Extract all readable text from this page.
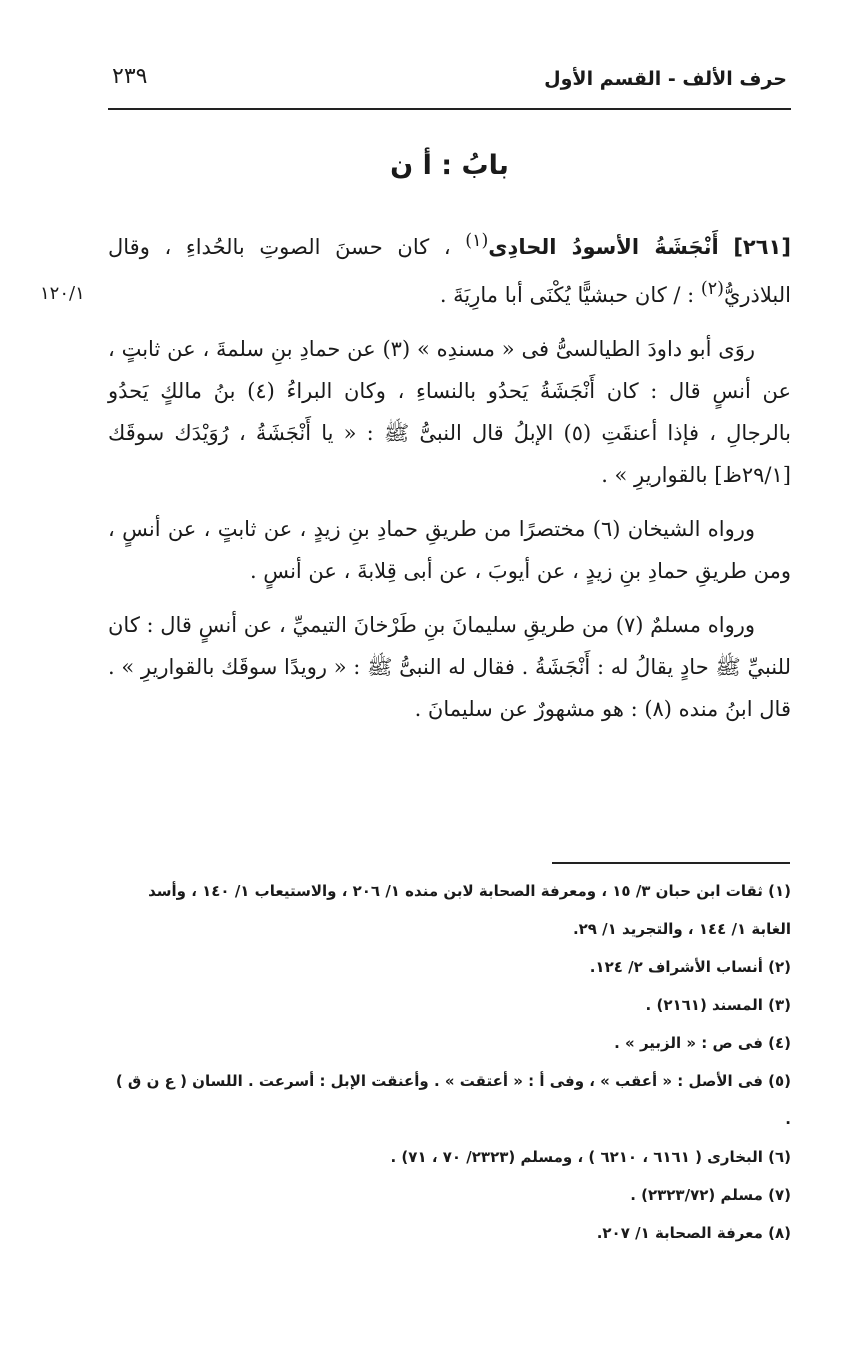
حرف الألف - القسم الأول
٢٣٩
بابُ : أ ن
١٢٠/١

[٢٦١] أَنْجَشَةُ الأسودُ الحادِى$^{(١)}$ ، كان حسنَ الصوتِ بالحُداءِ ، وقال البلاذريُّ$^{(٢)}$ : / كان حبشيًّا يُكْنَى أبا مارِيَةَ .

روَى أبو داودَ الطيالسىُّ فى « مسندِه » (٣) عن حمادِ بنِ سلمةَ ، عن ثابتٍ ، عن أنسٍ قال : كان أَنْجَشَةُ يَحدُو بالنساءِ ، وكان البراءُ (٤) بنُ مالكٍ يَحدُو بالرجالِ ، فإذا أعنقَتِ (٥) الإبلُ قال النبىُّ ﷺ : « يا أَنْجَشَةُ ، رُوَيْدَك سوقَك [٢٩/١ظ] بالقواريرِ » .

ورواه الشيخان (٦) مختصرًا من طريقِ حمادِ بنِ زيدٍ ، عن ثابتٍ ، عن أنسٍ ، ومن طريقِ حمادِ بنِ زيدٍ ، عن أيوبَ ، عن أبى قِلابةَ ، عن أنسٍ .

ورواه مسلمٌ (٧) من طريقِ سليمانَ بنِ طَرْخانَ التيميِّ ، عن أنسٍ قال : كان للنبيِّ ﷺ حادٍ يقالُ له : أَنْجَشَةُ . فقال له النبىُّ ﷺ : « رويدًا سوقَك بالقواريرِ » . قال ابنُ منده (٨) : هو مشهورٌ عن سليمانَ .

(١) ثقات ابن حبان ٣/ ١٥ ، ومعرفة الصحابة لابن منده ١/ ٢٠٦ ، والاستيعاب ١/ ١٤٠ ، وأسد الغابة ١/ ١٤٤ ، والتجريد ١/ ٢٩.

(٢) أنساب الأشراف ٢/ ١٢٤.

(٣) المسند (٢١٦١) .

(٤) فى ص : « الزبير » .

(٥) فى الأصل : « أعقب » ، وفى أ : « أعتقت » . وأعنقت الإبل : أسرعت . اللسان ( ع ن ق ) .

(٦) البخارى ( ٦١٦١ ، ٦٢١٠ ) ، ومسلم (٢٣٢٣/ ٧٠ ، ٧١) .

(٧) مسلم (٢٣٢٣/٧٢) .

(٨) معرفة الصحابة ١/ ٢٠٧.
